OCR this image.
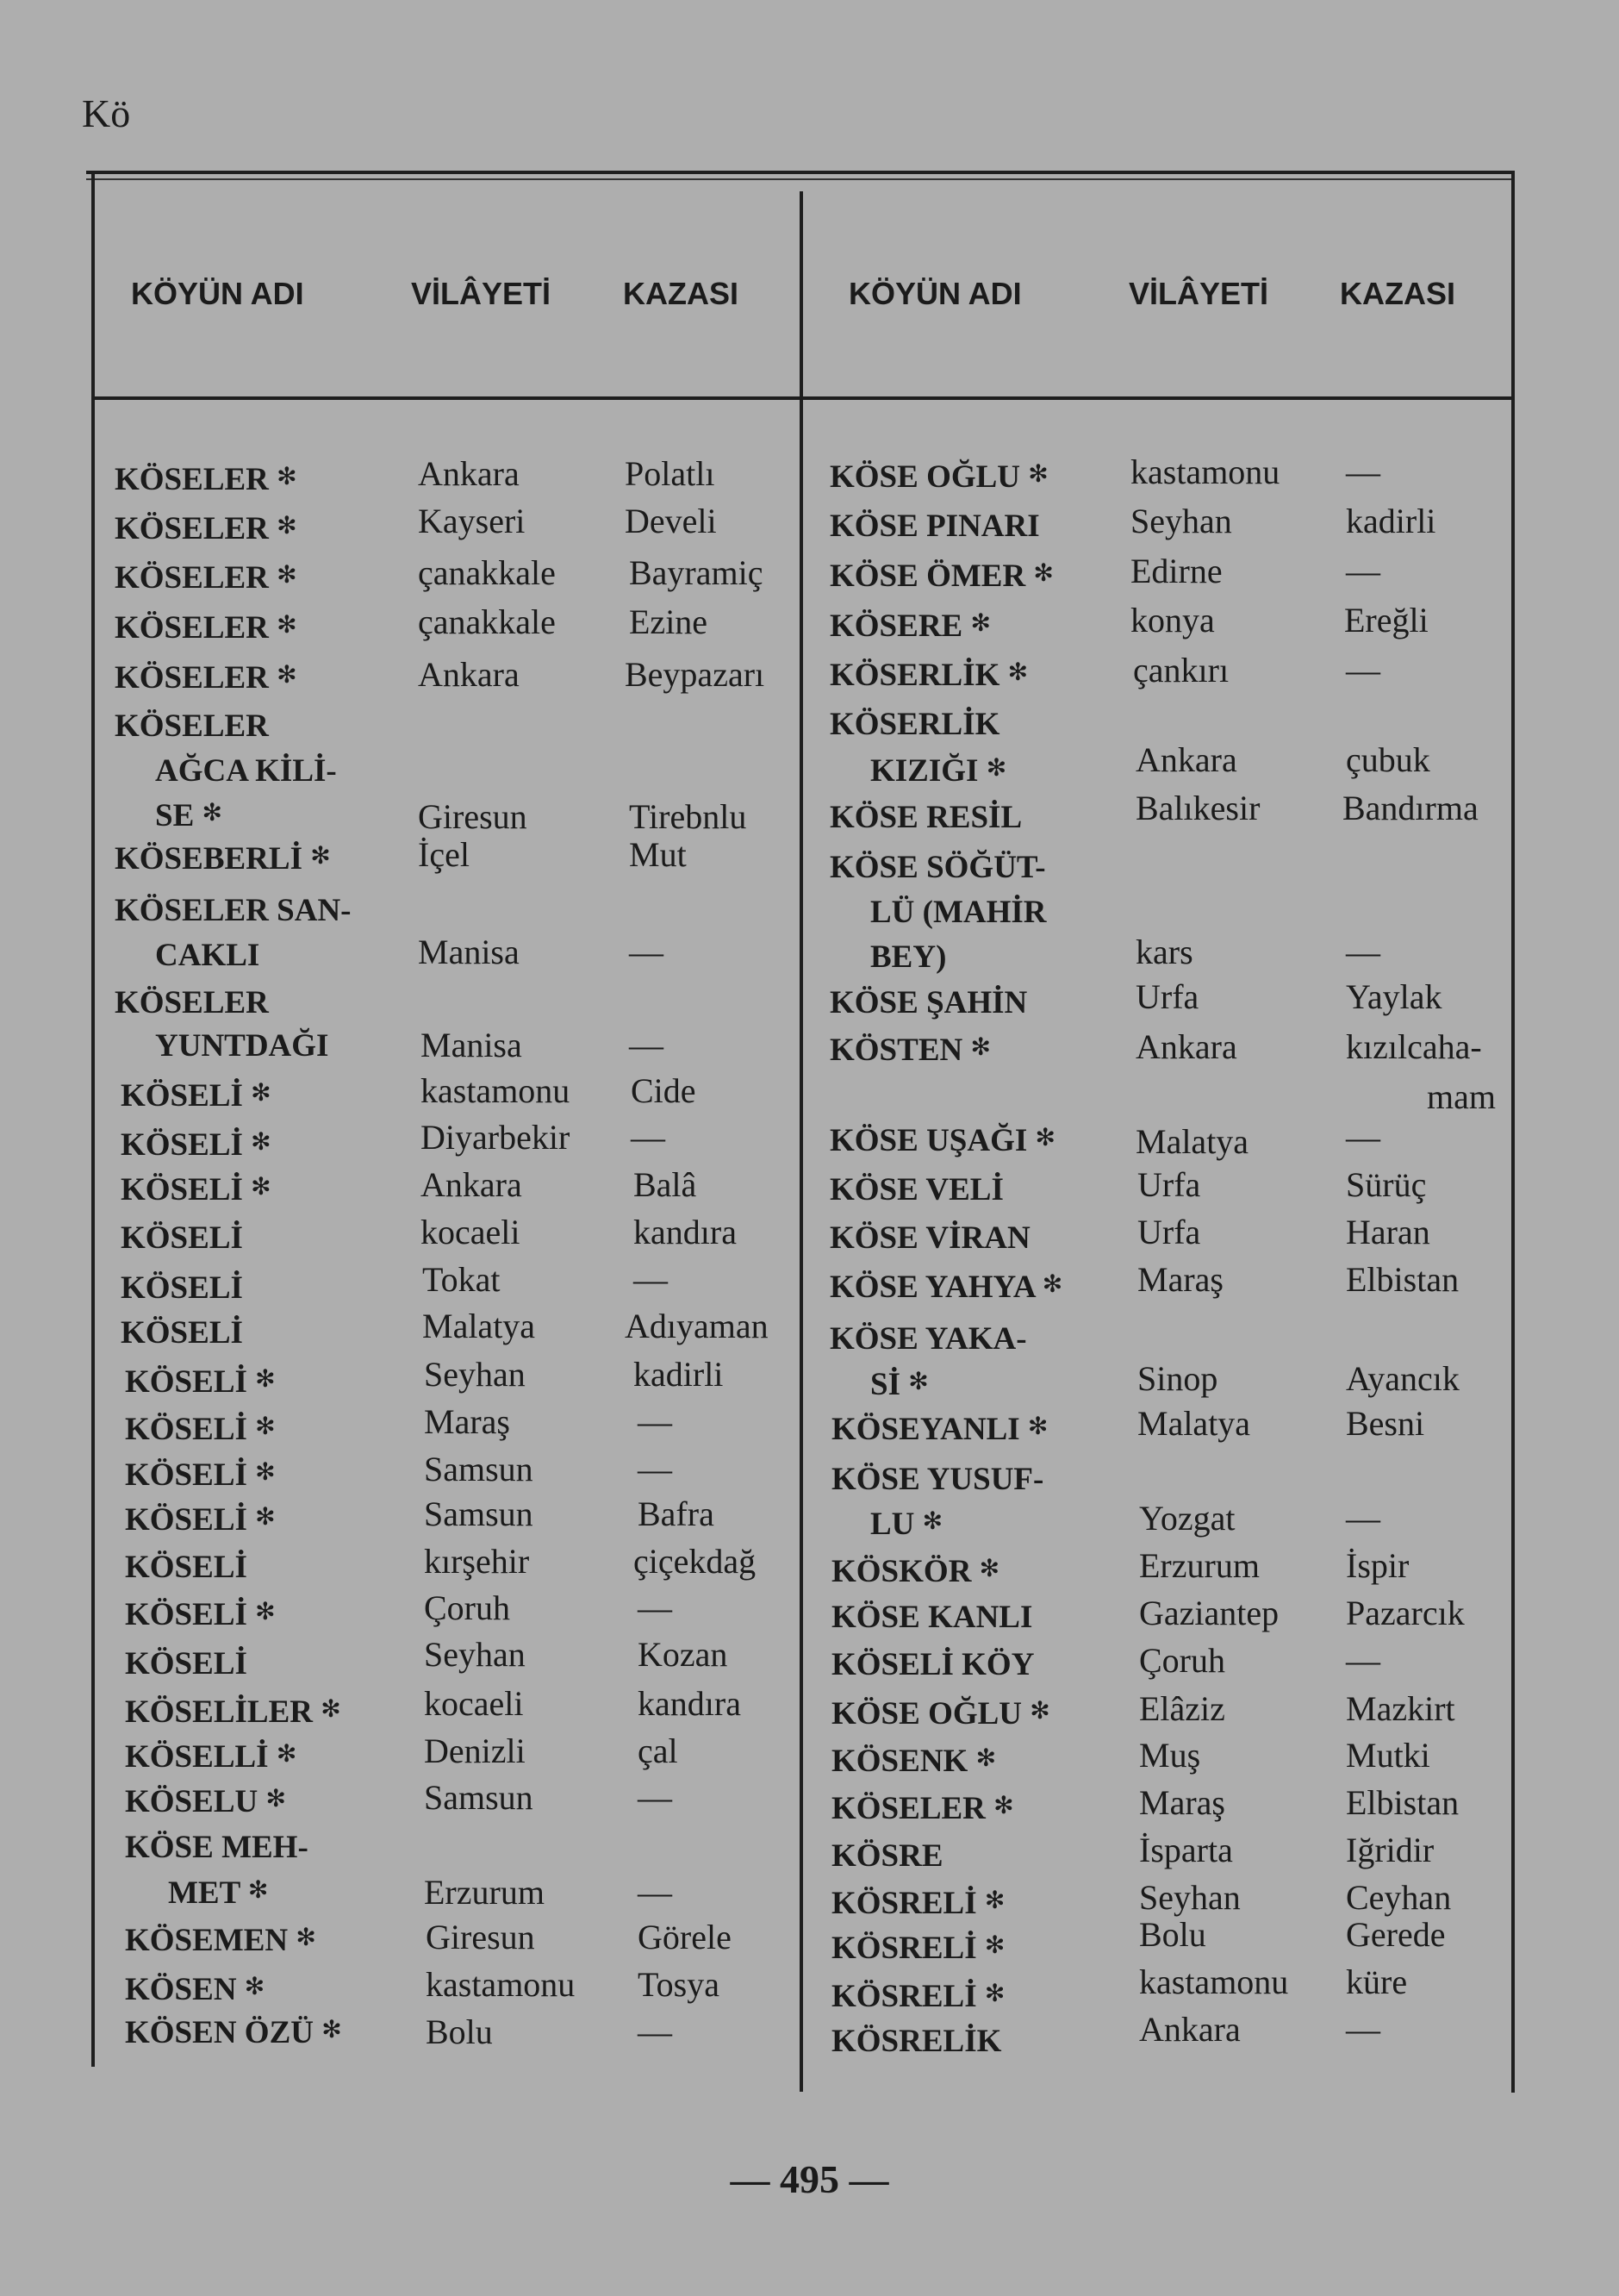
Kö
KÖYÜN ADI	VİLÂYETİ KAZASI	KÖYÜN ADI	VİLÂYETİ KAZASI
KÖSELER ✻	Ankara	Polatlı
KÖSELER ✻	Kayseri	Develi
KÖSELER ✻	çanakkale Bayramiç
KÖSELER ✻	çanakkale Ezine
KÖSELER ✻	Ankara	Beypazarı
KÖSELER
AĞCA KİLİ-
SE ✻	Giresun	Tirebnlu
KÖSEBERLİ ✻	İçel	Mut
KÖSELER SAN-
CAKLI	Manisa	—
KÖSELER
YUNTDAĞI	Manisa	—
KÖSELİ ✻	kastamonu Cide
KÖSELİ ✻	Diyarbekir —
KÖSELİ ✻	Ankara	Balâ
KÖSELİ	kocaeli	kandıra
KÖSELİ	Tokat	—
KÖSELİ	Malatya	Adıyaman
KÖSELİ ✻	Seyhan	kadirli
KÖSELİ ✻	Maraş	—
KÖSELİ ✻	Samsun	—
KÖSELİ ✻	Samsun	Bafra
KÖSELİ	kırşehir	çiçekdağ
KÖSELİ ✻	Çoruh	—
KÖSELİ	Seyhan	Kozan
KÖSELİLER ✻ kocaeli	kandıra
KÖSELLİ ✻	Denizli	çal
KÖSELU ✻	Samsun	—
KÖSE MEH-
MET ✻	Erzurum	—
KÖSEMEN ✻	Giresun	Görele
KÖSEN ✻	kastamonu Tosya
KÖSEN ÖZÜ ✻ Bolu	—
KÖSE OĞLU ✻ kastamonu —
KÖSE PINARI	Seyhan	kadirli
KÖSE ÖMER ✻ Edirne	—
KÖSERE ✻	konya	Ereğli
KÖSERLİK ✻	çankırı	—
KÖSERLİK
KIZIĞI ✻	Ankara	çubuk
KÖSE RESİL	Balıkesir Bandırma
KÖSE SÖĞÜT-
LÜ (MAHİR
BEY)	kars	—
KÖSE ŞAHİN	Urfa	Yaylak
KÖSTEN ✻	Ankara	kızılcaha-
mam
KÖSE UŞAĞI ✻ Malatya	—
KÖSE VELİ	Urfa	Sürüç
KÖSE VİRAN	Urfa	Haran
KÖSE YAHYA ✻ Maraş	Elbistan
KÖSE YAKA-
Sİ ✻	Sinop	Ayancık
KÖSEYANLI ✻	Malatya	Besni
KÖSE YUSUF-
LU ✻	Yozgat	—
KÖSKÖR ✻	Erzurum	İspir
KÖSE KANLI	Gaziantep Pazarcık
KÖSELİ KÖY	Çoruh	—
KÖSE OĞLU ✻	Elâziz	Mazkirt
KÖSENK ✻	Muş	Mutki
KÖSELER ✻	Maraş	Elbistan
KÖSRE	İsparta	Iğridir
KÖSRELİ ✻	Seyhan	Ceyhan
KÖSRELİ ✻	Bolu	Gerede
KÖSRELİ ✻	kastamonu küre
KÖSRELİK	Ankara	—
— 495 —
